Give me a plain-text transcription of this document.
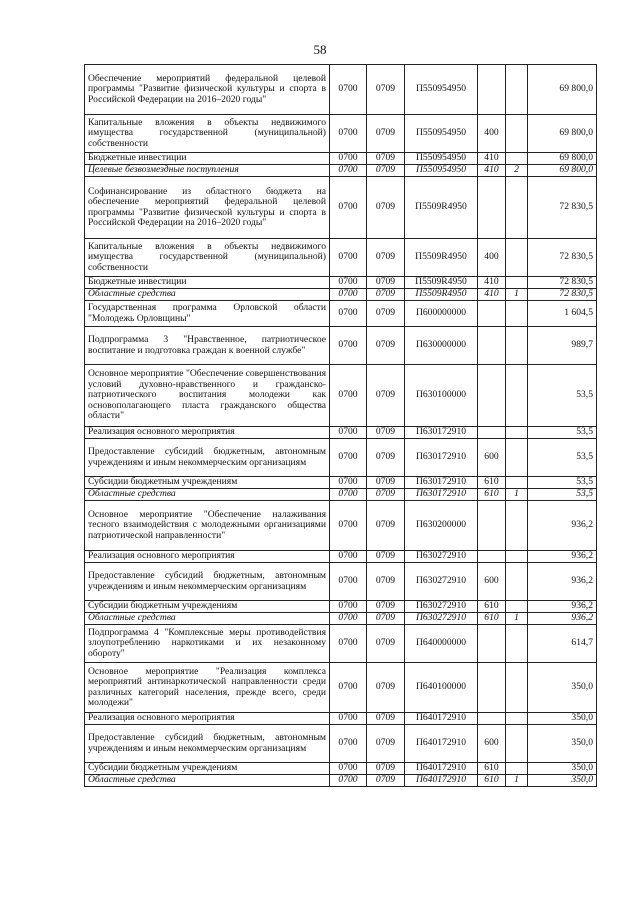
58
Обеспечение мероприятий федеральной целевой программы "Развитие физической культуры и спорта в Российской Федерации на 2016–2020 годы"	0700	0709	П550954950			69 800,0
Капитальные вложения в объекты недвижимого имущества государственной (муниципальной) собственности	0700	0709	П550954950	400		69 800,0
Бюджетные инвестиции	0700	0709	П550954950	410		69 800,0
Целевые безвозмездные поступления	0700	0709	П550954950	410	2	69 800,0
Софинансирование из областного бюджета на обеспечение мероприятий федеральной целевой программы "Развитие физической культуры и спорта в Российской Федерации на 2016–2020 годы"	0700	0709	П5509R4950			72 830,5
Капитальные вложения в объекты недвижимого имущества государственной (муниципальной) собственности	0700	0709	П5509R4950	400		72 830,5
Бюджетные инвестиции	0700	0709	П5509R4950	410		72 830,5
Областные средства	0700	0709	П5509R4950	410	1	72 830,5
Государственная программа Орловской области "Молодежь Орловщины"	0700	0709	П600000000			1 604,5
Подпрограмма 3 "Нравственное, патриотическое воспитание и подготовка граждан к военной службе"	0700	0709	П630000000			989,7
Основное мероприятие "Обеспечение совершенствования условий духовно-нравственного и гражданско-патриотического воспитания молодежи как основополагающего пласта гражданского общества области"	0700	0709	П630100000			53,5
Реализация основного мероприятия	0700	0709	П630172910			53,5
Предоставление субсидий бюджетным, автономным учреждениям и иным некоммерческим организациям	0700	0709	П630172910	600		53,5
Субсидии бюджетным учреждениям	0700	0709	П630172910	610		53,5
Областные средства	0700	0709	П630172910	610	1	53,5
Основное мероприятие "Обеспечение налаживания тесного взаимодействия с молодежными организациями патриотической направленности"	0700	0709	П630200000			936,2
Реализация основного мероприятия	0700	0709	П630272910			936,2
Предоставление субсидий бюджетным, автономным учреждениям и иным некоммерческим организациям	0700	0709	П630272910	600		936,2
Субсидии бюджетным учреждениям	0700	0709	П630272910	610		936,2
Областные средства	0700	0709	П630272910	610	1	936,2
Подпрограмма 4 "Комплексные меры противодействия злоупотреблению наркотиками и их незаконному обороту"	0700	0709	П640000000			614,7
Основное мероприятие "Реализация комплекса мероприятий антинаркотической направленности среди различных категорий населения, прежде всего, среди молодежи"	0700	0709	П640100000			350,0
Реализация основного мероприятия	0700	0709	П640172910			350,0
Предоставление субсидий бюджетным, автономным учреждениям и иным некоммерческим организациям	0700	0709	П640172910	600		350,0
Субсидии бюджетным учреждениям	0700	0709	П640172910	610		350,0
Областные средства	0700	0709	П640172910	610	1	350,0
